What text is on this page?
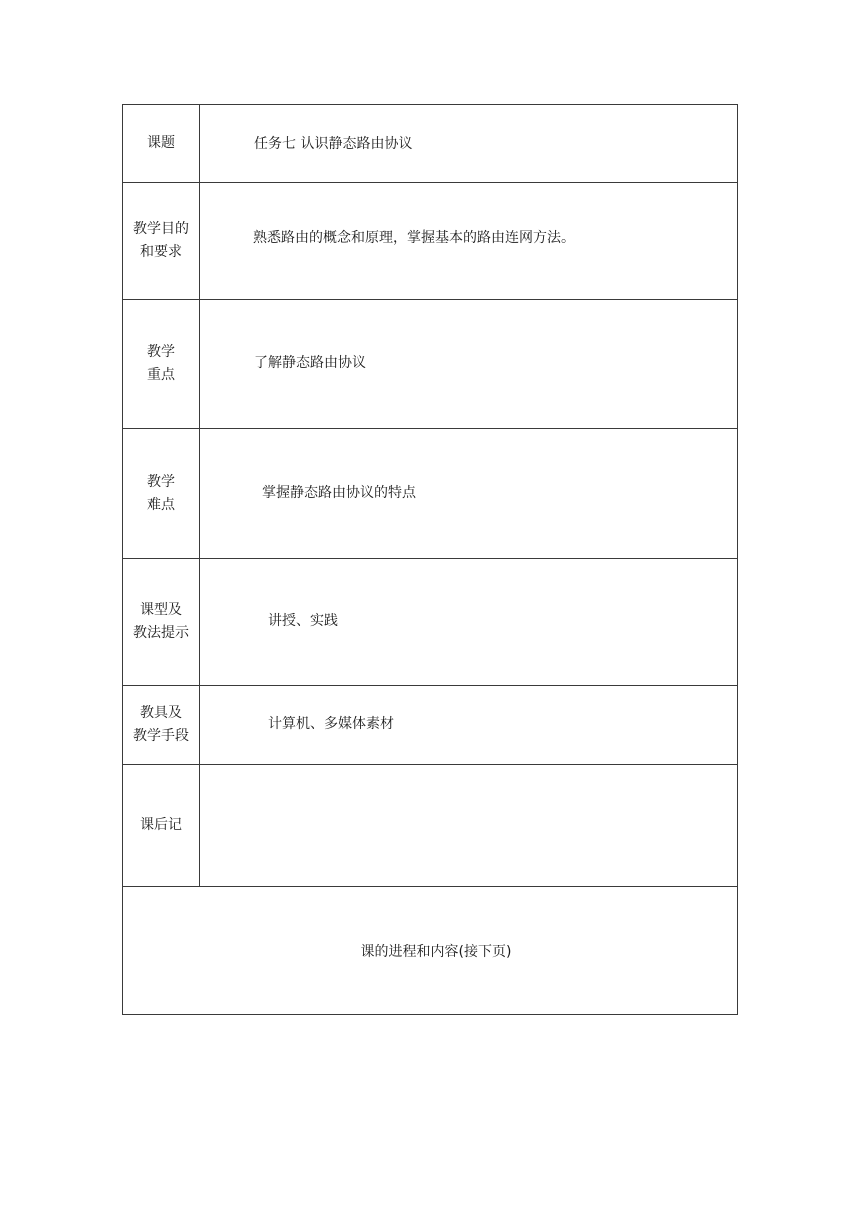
课题	任务七 认识静态路由协议

教学目的
和要求	熟悉路由的概念和原理，掌握基本的路由连网方法。

教学
重点	了解静态路由协议

教学
难点	掌握静态路由协议的特点

课型及
教法提示	讲授、实践

教具及
教学手段	计算机、多媒体素材

课后记	

课的进程和内容(接下页)	
